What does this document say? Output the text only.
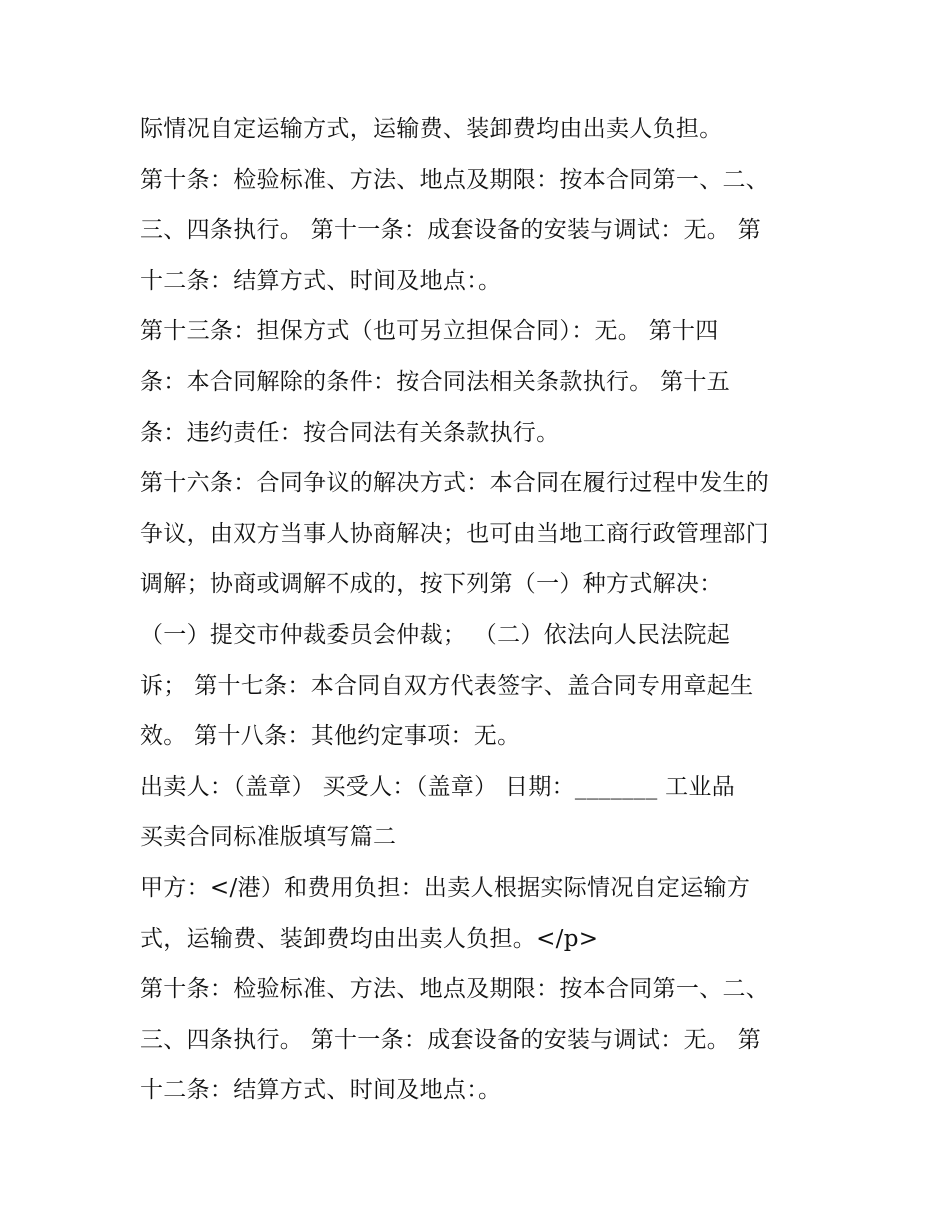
际情况自定运输方式，运输费、装卸费均由出卖人负担。
第十条：检验标准、方法、地点及期限：按本合同第一、二、
三、四条执行。 第十一条：成套设备的安装与调试：无。 第
十二条：结算方式、时间及地点：。
第十三条：担保方式（也可另立担保合同）：无。 第十四
条：本合同解除的条件：按合同法相关条款执行。 第十五
条：违约责任：按合同法有关条款执行。
第十六条：合同争议的解决方式：本合同在履行过程中发生的
争议，由双方当事人协商解决；也可由当地工商行政管理部门
调解；协商或调解不成的，按下列第（一）种方式解决：
（一）提交市仲裁委员会仲裁； （二）依法向人民法院起
诉； 第十七条：本合同自双方代表签字、盖合同专用章起生
效。 第十八条：其他约定事项：无。
出卖人：（盖章） 买受人：（盖章） 日期：_______ 工业品
买卖合同标准版填写篇二
甲方：</港）和费用负担：出卖人根据实际情况自定运输方
式，运输费、装卸费均由出卖人负担。</p>
第十条：检验标准、方法、地点及期限：按本合同第一、二、
三、四条执行。 第十一条：成套设备的安装与调试：无。 第
十二条：结算方式、时间及地点：。
